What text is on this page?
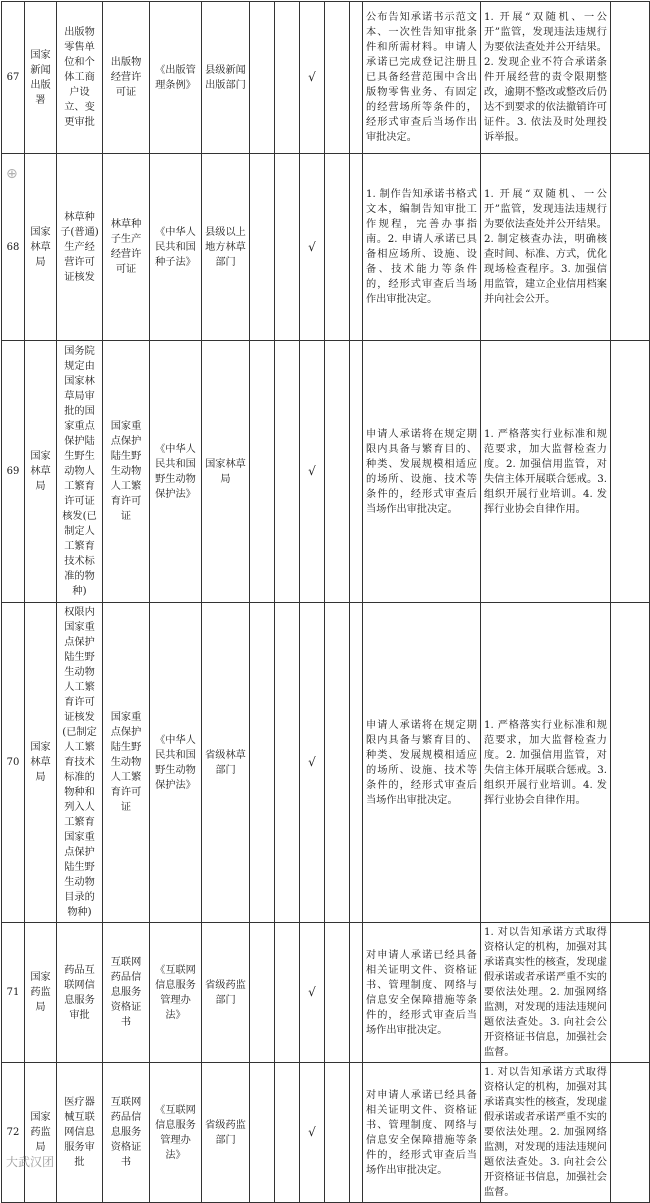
67	国家新闻出版署	出版物零售单位和个体工商户设立、变更审批	出版物经营许可证	《出版管理条例》	县级新闻出版部门			√			公布告知承诺书示范文本、一次性告知审批条件和所需材料。申请人承诺已完成登记注册且已具备经营范围中含出版物零售业务、有固定的经营场所等条件的，经形式审查后当场作出审批决定。	1. 开展“双随机、一公开”监管，发现违法违规行为要依法查处并公开结果。2. 发现企业不符合承诺条件开展经营的责令限期整改，逾期不整改或整改后仍达不到要求的依法撤销许可证件。3. 依法及时处理投诉举报。	
68	国家林草局	林草种子(普通)生产经营许可证核发	林草种子生产经营许可证	《中华人民共和国种子法》	县级以上地方林草部门			√			1. 制作告知承诺书格式文本，编制告知审批工作规程，完善办事指南。2. 申请人承诺已具备相应场所、设施、设备、技术能力等条件的，经形式审查后当场作出审批决定。	1. 开展“双随机、一公开”监管，发现违法违规行为要依法查处并公开结果。2. 制定核查办法，明确核查时间、标准、方式，优化现场检查程序。3. 加强信用监管，建立企业信用档案并向社会公开。	
69	国家林草局	国务院规定由国家林草局审批的国家重点保护陆生野生动物人工繁育许可证核发(已制定人工繁育技术标准的物种)	国家重点保护陆生野生动物人工繁育许可证	《中华人民共和国野生动物保护法》	国家林草局			√			申请人承诺将在规定期限内具备与繁育目的、种类、发展规模相适应的场所、设施、技术等条件的，经形式审查后当场作出审批决定。	1. 严格落实行业标准和规范要求，加大监督检查力度。2. 加强信用监管，对失信主体开展联合惩戒。3. 组织开展行业培训。4. 发挥行业协会自律作用。	
70	国家林草局	权限内国家重点保护陆生野生动物人工繁育许可证核发(已制定人工繁育技术标准的物种和列入人工繁育国家重点保护陆生野生动物目录的物种)	国家重点保护陆生野生动物人工繁育许可证	《中华人民共和国野生动物保护法》	省级林草部门			√			申请人承诺将在规定期限内具备与繁育目的、种类、发展规模相适应的场所、设施、技术等条件的，经形式审查后当场作出审批决定。	1. 严格落实行业标准和规范要求，加大监督检查力度。2. 加强信用监管，对失信主体开展联合惩戒。3. 组织开展行业培训。4. 发挥行业协会自律作用。	
71	国家药监局	药品互联网信息服务审批	互联网药品信息服务资格证书	《互联网信息服务管理办法》	省级药监部门			√			对申请人承诺已经具备相关证明文件、资格证书、管理制度、网络与信息安全保障措施等条件的，经形式审查后当场作出审批决定。	1. 对以告知承诺方式取得资格认定的机构，加强对其承诺真实性的核查，发现虚假承诺或者承诺严重不实的要依法处理。2. 加强网络监测，对发现的违法违规问题依法查处。3. 向社会公开资格证书信息，加强社会监督。	
72	国家药监局	医疗器械互联网信息服务审批	互联网药品信息服务资格证书	《互联网信息服务管理办法》	省级药监部门			√			对申请人承诺已经具备相关证明文件、资格证书、管理制度、网络与信息安全保障措施等条件的，经形式审查后当场作出审批决定。	1. 对以告知承诺方式取得资格认定的机构，加强对其承诺真实性的核查，发现虚假承诺或者承诺严重不实的要依法处理。2. 加强网络监测，对发现的违法违规问题依法查处。3. 向社会公开资格证书信息，加强社会监督。	
⊕
大武汉团
